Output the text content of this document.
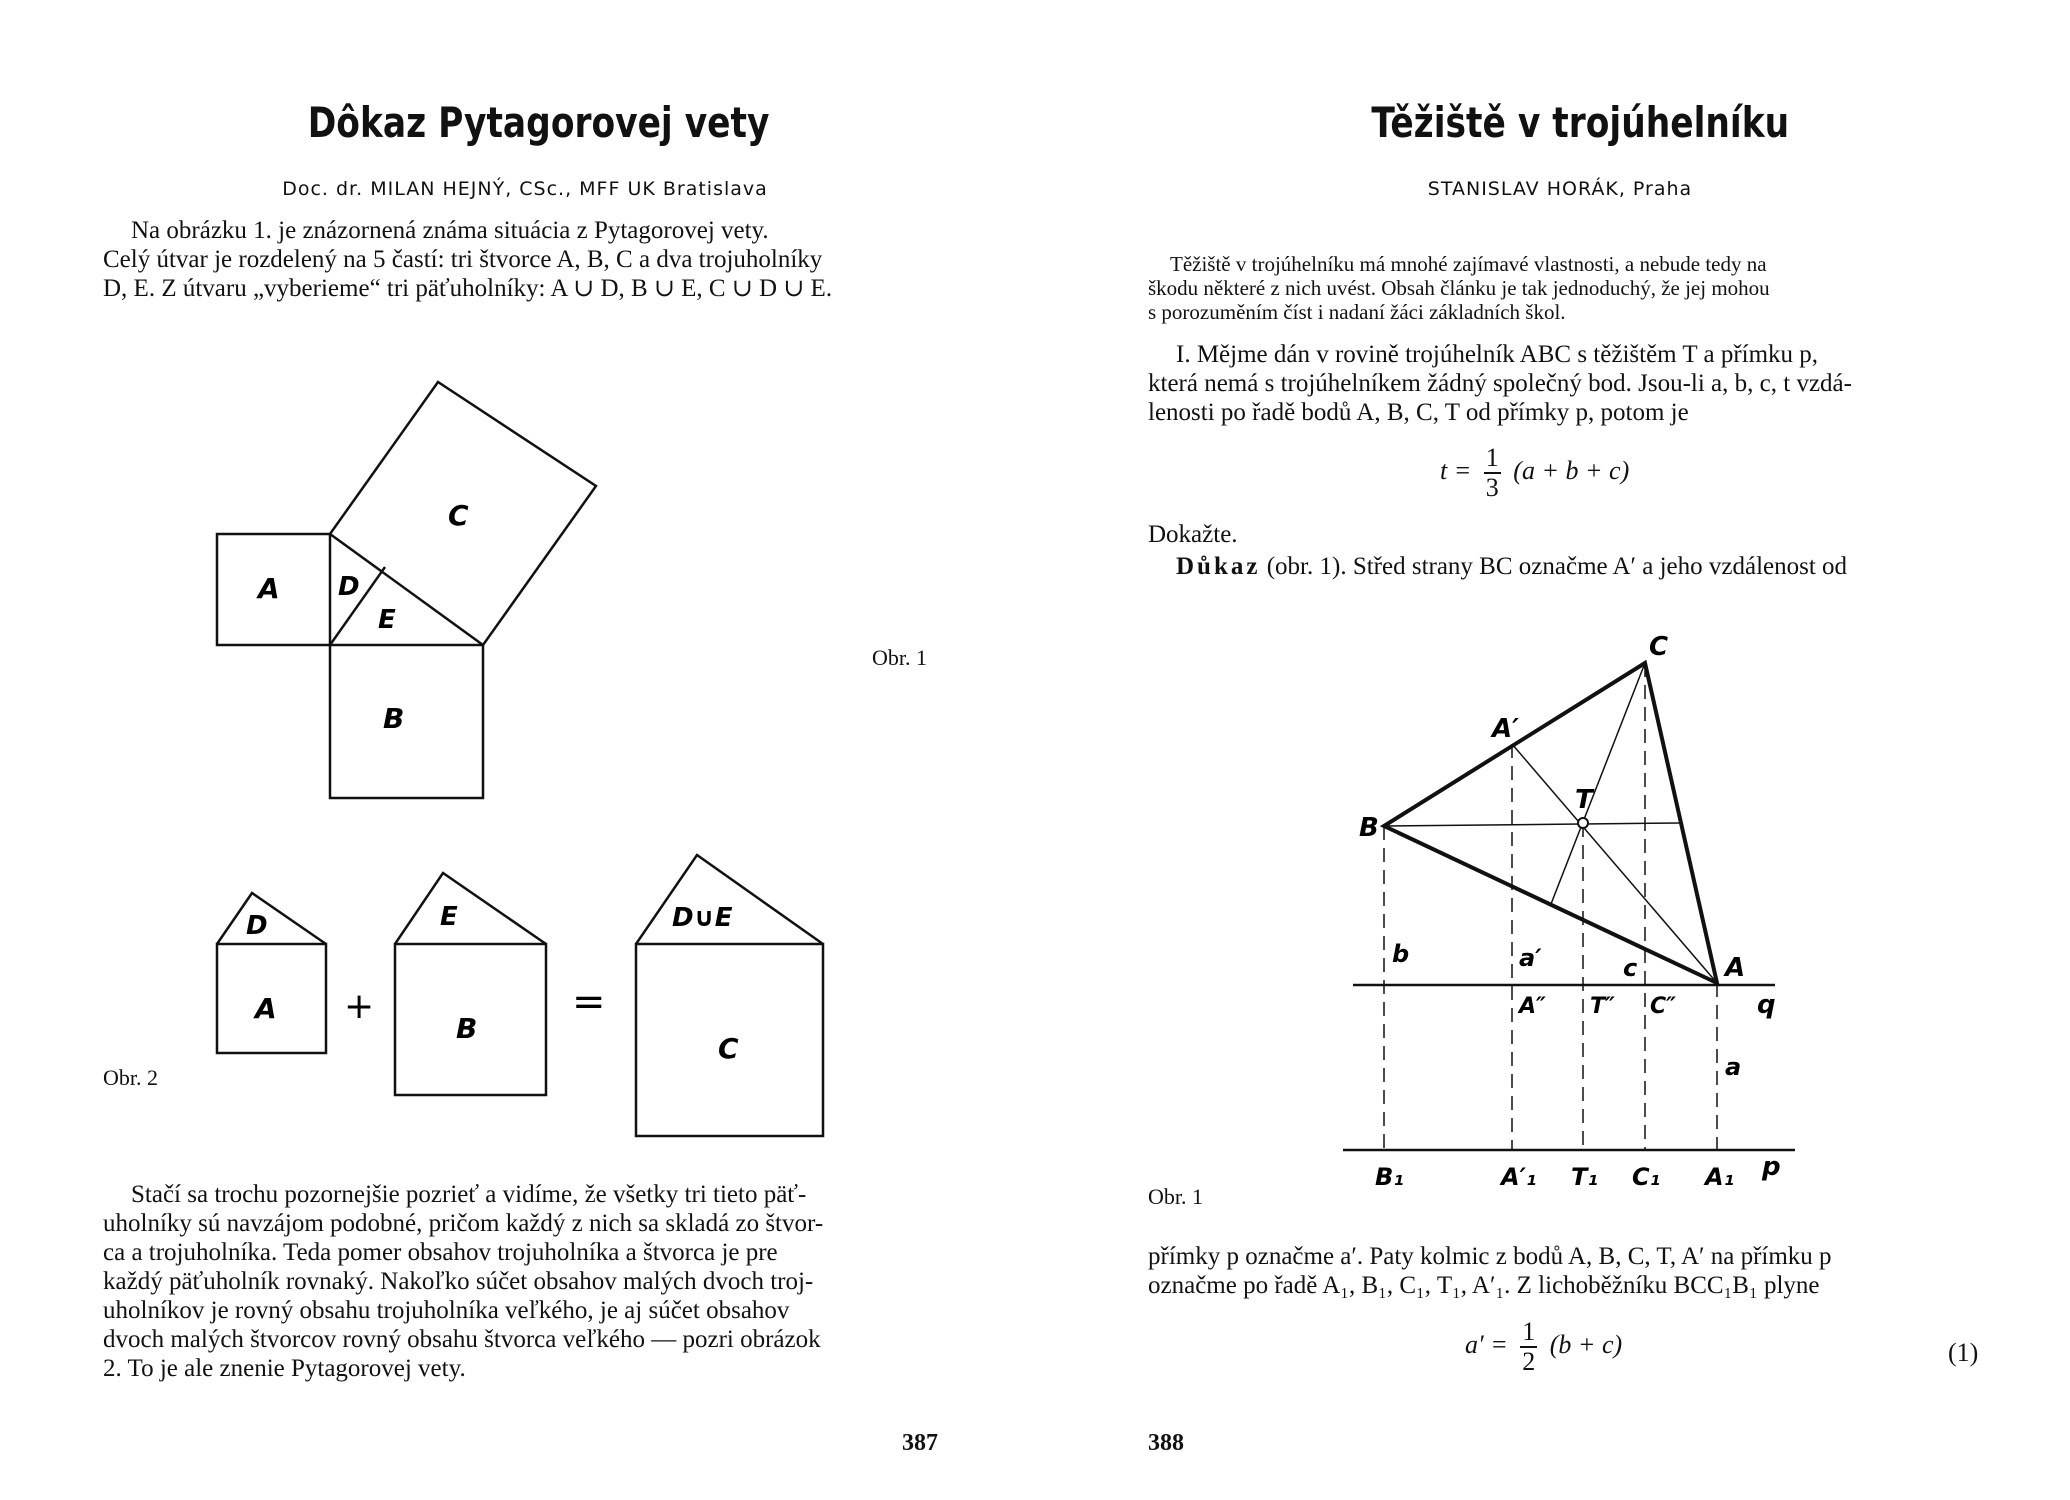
Dôkaz Pytagorovej vety
Doc. dr. MILAN HEJNÝ, CSc., MFF UK Bratislava
Na obrázku 1. je znázornená známa situácia z Pytagorovej vety.
Celý útvar je rozdelený na 5 častí: tri štvorce A, B, C a dva trojuholníky
D, E. Z útvaru „vyberieme“ tri päťuholníky: A ∪ D, B ∪ E, C ∪ D ∪ E.
A
B
C
D
E
D
A
E
B
D∪E
C
+	=
Obr. 1
Obr. 2
Stačí sa trochu pozornejšie pozrieť a vidíme, že všetky tri tieto päť-
uholníky sú navzájom podobné, pričom každý z nich sa skladá zo štvor-
ca a trojuholníka. Teda pomer obsahov trojuholníka a štvorca je pre
každý päťuholník rovnaký. Nakoľko súčet obsahov malých dvoch troj-
uholníkov je rovný obsahu trojuholníka veľkého, je aj súčet obsahov
dvoch malých štvorcov rovný obsahu štvorca veľkého — pozri obrázok
2. To je ale znenie Pytagorovej vety.
387
Těžiště v trojúhelníku
STANISLAV HORÁK, Praha
Těžiště v trojúhelníku má mnohé zajímavé vlastnosti, a nebude tedy na
škodu některé z nich uvést. Obsah článku je tak jednoduchý, že jej mohou
s porozuměním číst i nadaní žáci základních škol.
I. Mějme dán v rovině trojúhelník ABC s těžištěm T a přímku p,
která nemá s trojúhelníkem žádný společný bod. Jsou-li a, b, c, t vzdá-
lenosti po řadě bodů A, B, C, T od přímky p, potom je
$t = \frac{1}{3} (a + b + c)$
Dokažte.
Důkaz (obr. 1). Střed strany BC označme A′ a jeho vzdálenost od
C
A′
T
B
b	a′	c	A
A″ T″ C″	q
a
B₁	A′₁ T₁ C₁ A₁ p
Obr. 1
přímky p označme a′. Paty kolmic z bodů A, B, C, T, A′ na přímku p
označme po řadě A₁, B₁, C₁, T₁, A′₁. Z lichoběžníku BCC₁B₁ plyne
$a' = \frac{1}{2} (b + c)$	(1)
388
